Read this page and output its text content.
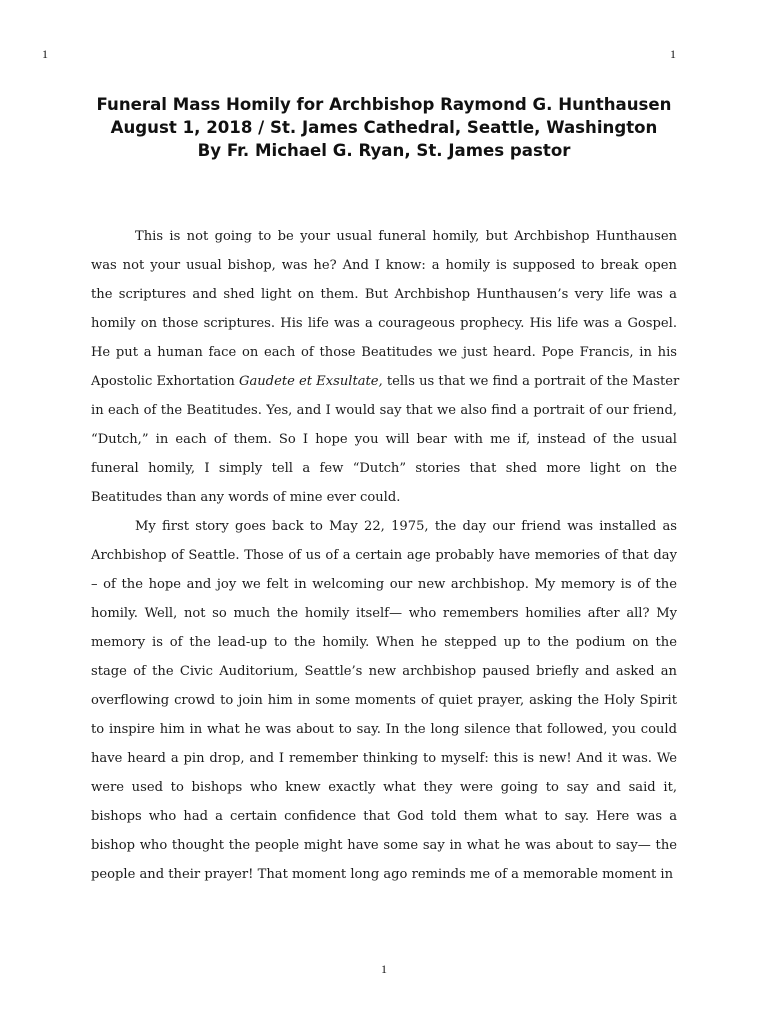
1	1
Funeral Mass Homily for Archbishop Raymond G. Hunthausen
August 1, 2018 / St. James Cathedral, Seattle, Washington
By Fr. Michael G. Ryan, St. James pastor
This is not going to be your usual funeral homily, but Archbishop Hunthausen
was not your usual bishop, was he? And I know: a homily is supposed to break open
the scriptures and shed light on them. But Archbishop Hunthausen’s very life was a
homily on those scriptures. His life was a courageous prophecy. His life was a Gospel.
He put a human face on each of those Beatitudes we just heard. Pope Francis, in his
Apostolic Exhortation Gaudete et Exsultate, tells us that we find a portrait of the Master
in each of the Beatitudes. Yes, and I would say that we also find a portrait of our friend,
“Dutch,” in each of them. So I hope you will bear with me if, instead of the usual
funeral homily, I simply tell a few “Dutch” stories that shed more light on the
Beatitudes than any words of mine ever could.
My first story goes back to May 22, 1975, the day our friend was installed as
Archbishop of Seattle. Those of us of a certain age probably have memories of that day
– of the hope and joy we felt in welcoming our new archbishop. My memory is of the
homily. Well, not so much the homily itself— who remembers homilies after all? My
memory is of the lead-up to the homily. When he stepped up to the podium on the
stage of the Civic Auditorium, Seattle’s new archbishop paused briefly and asked an
overflowing crowd to join him in some moments of quiet prayer, asking the Holy Spirit
to inspire him in what he was about to say. In the long silence that followed, you could
have heard a pin drop, and I remember thinking to myself: this is new! And it was. We
were used to bishops who knew exactly what they were going to say and said it,
bishops who had a certain confidence that God told them what to say. Here was a
bishop who thought the people might have some say in what he was about to say— the
people and their prayer! That moment long ago reminds me of a memorable moment in
1
